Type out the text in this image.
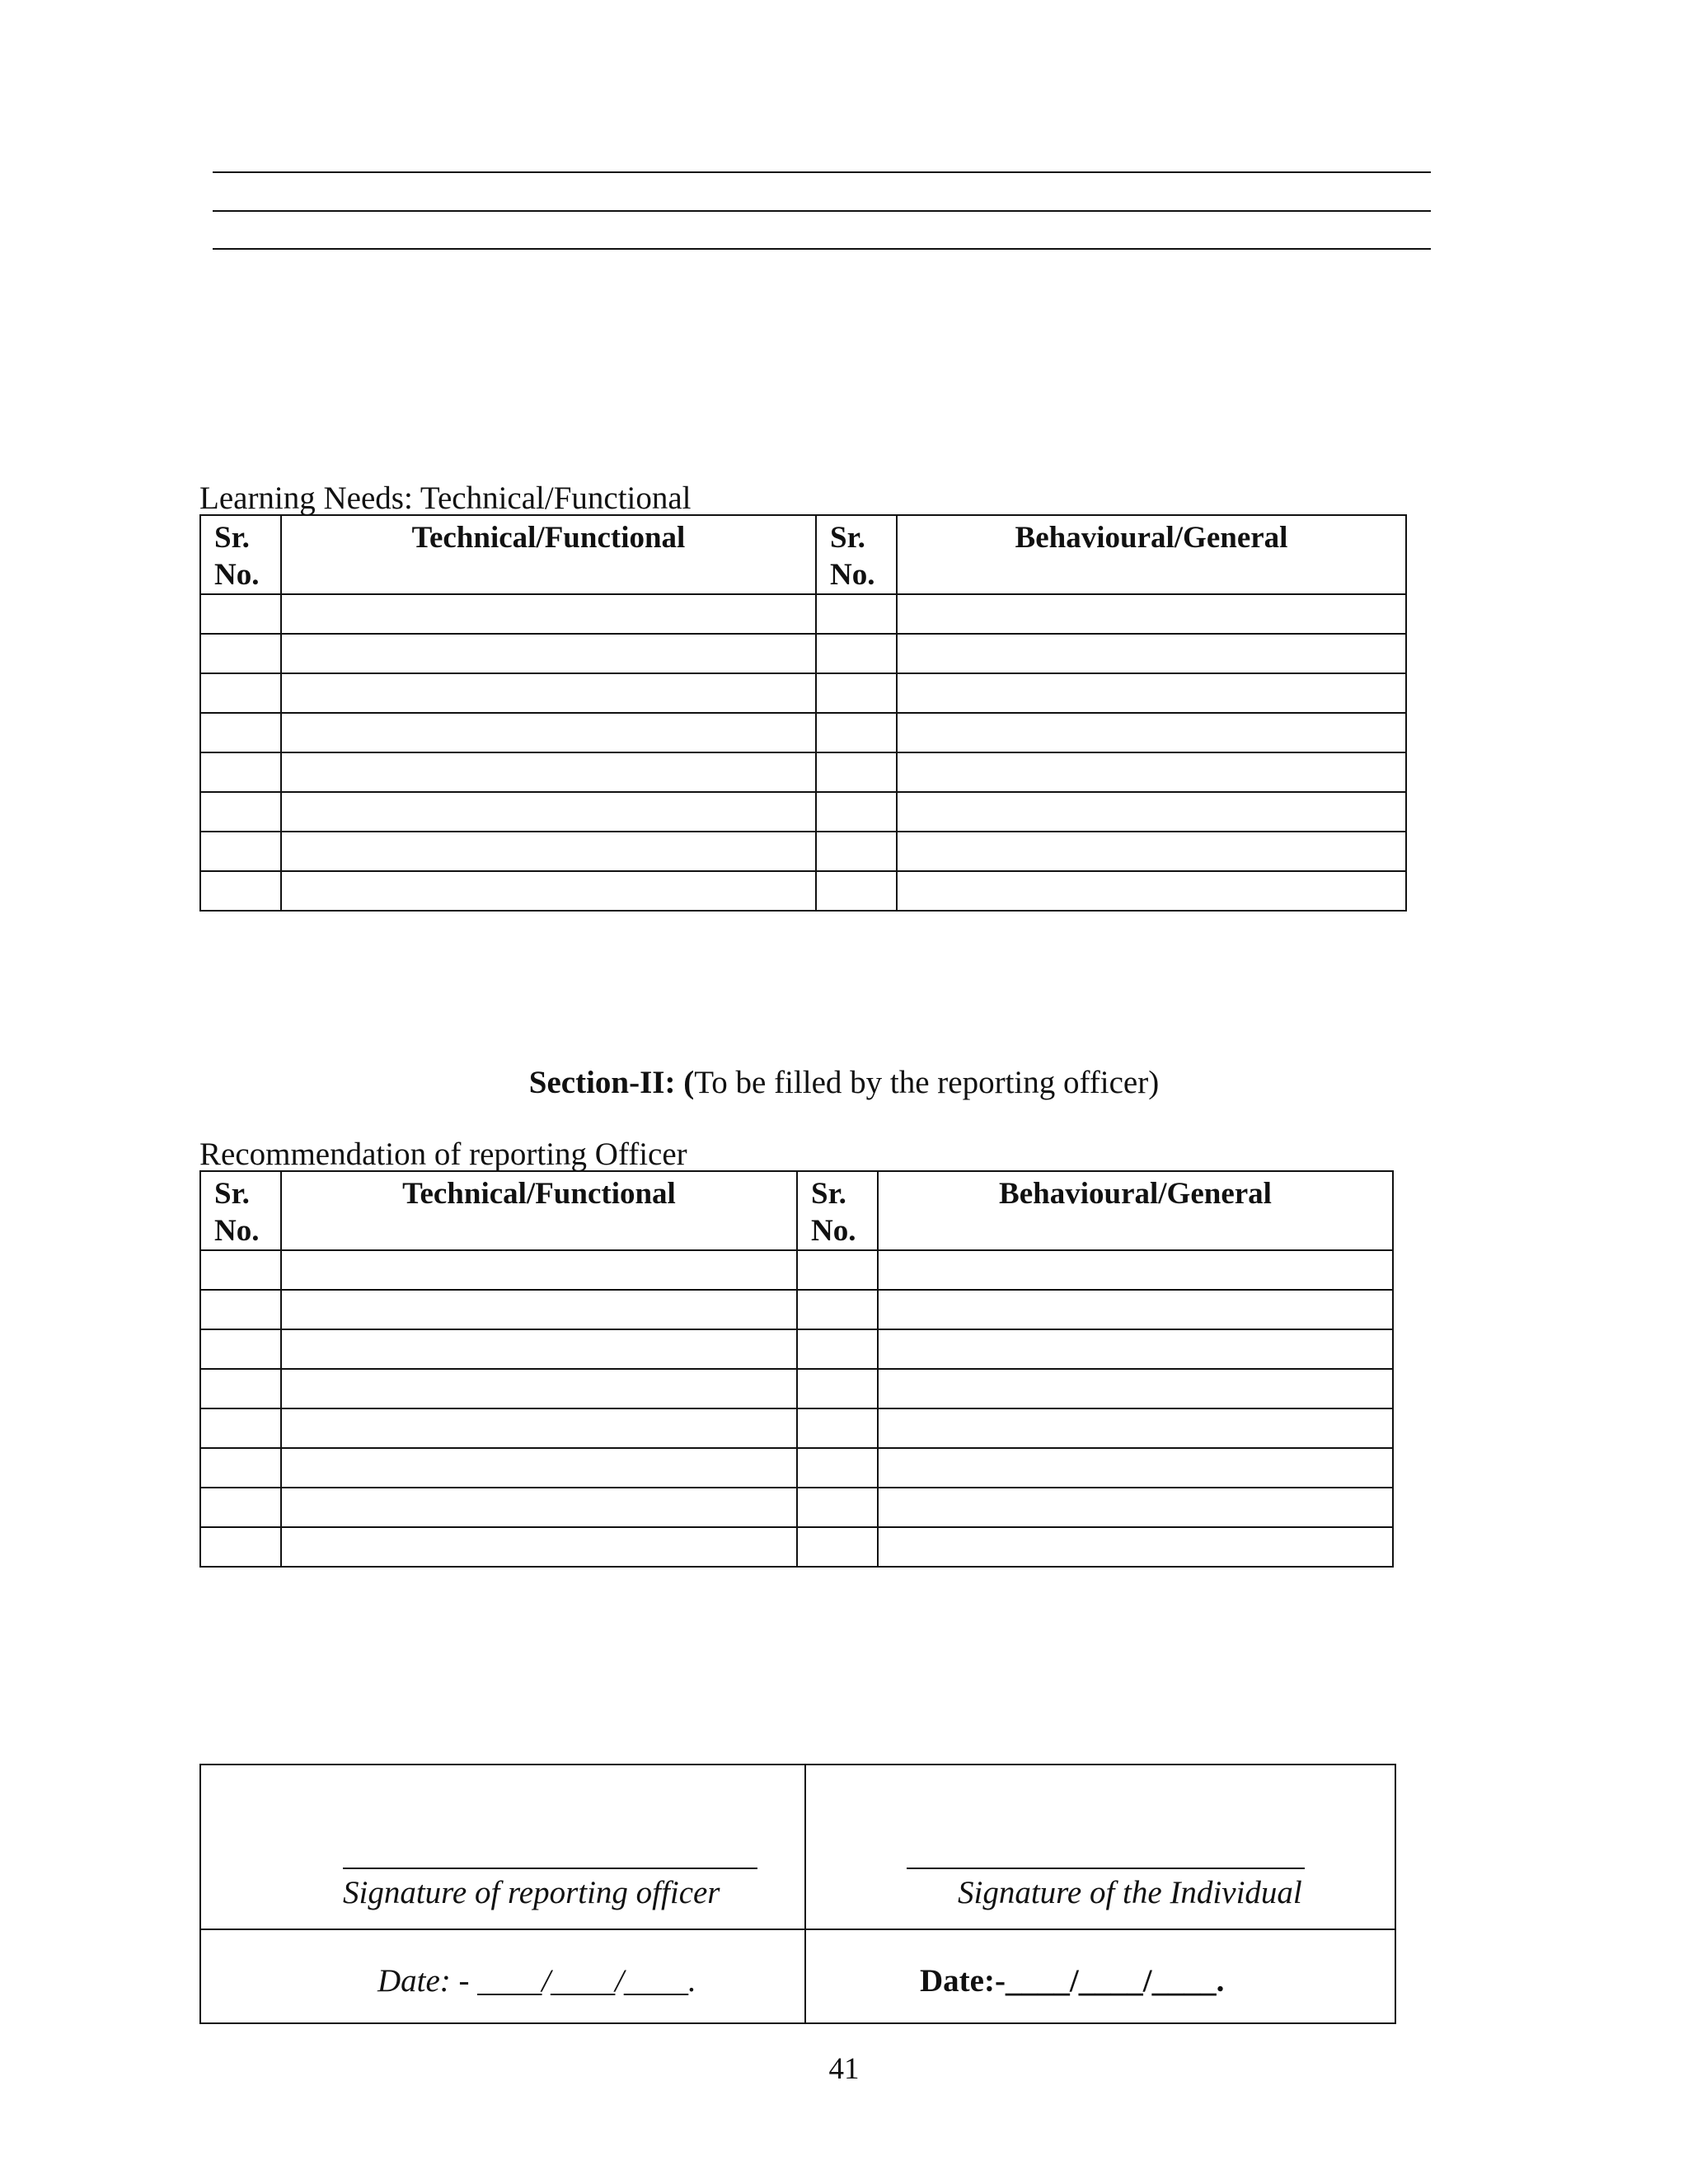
Learning Needs: Technical/Functional
Sr. No.	Technical/Functional	Sr. No.	Behavioural/General

Section-II: (To be filled by the reporting officer)
Recommendation of reporting Officer
Sr. No.	Technical/Functional	Sr. No.	Behavioural/General

Signature of reporting officer	Signature of the Individual

Date: - ____/____/____.	Date:-____/____/____.
41
